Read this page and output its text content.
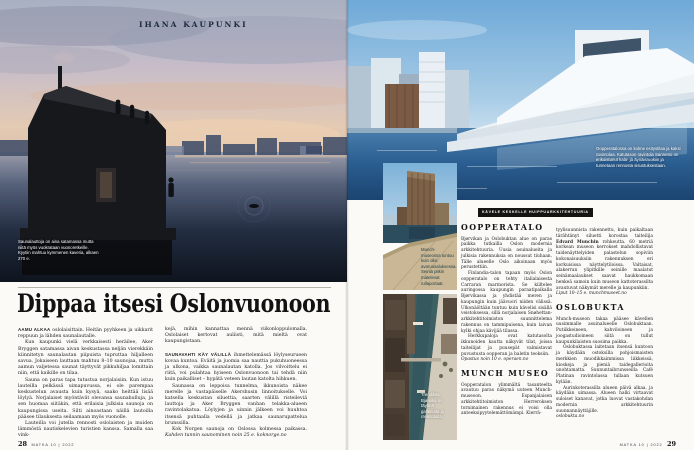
IHANA KAUPUNKI
Saunalauttoja on aina satamassa mutta niitä myös vuokrataan vuonoretkeille. Kyytiin mahtuu kymmenen kaveria, alkaen 270 e.
Dippaa itsesi Oslonvuonoon

AAMU ALKAA oslolaisittain. Heitän pyyhkeen ja uikkarit reppuun ja lähden saunalautalle.

Kun kaupunki vielä verkkaisesti heräilee, Aker Bryggen satamassa aivan keskustassa neljän vierekkäin kiinnitetyn saunalautan piipuista tupruttaa hiljalleen savua. Jokaiseen lauttaan mahtuu 8–10 saunojaa, mutta aamun valjetessa saunat täyttyvät pikkuhiljaa lomittain niin, että kaikille on tilaa.

Sauna on paras tapa tutustua norjalaisiin. Kun istuu lauteilla pelkässä uimapuvussa, ei ole parempaa keskustelun avausta kuin kysyä, saako heittää lisää löylyä. Norjalaiset myöntävät olevansa saunahulluja, ja sen huomaa siitäkin, että erilaisia julkisia saunoja on kaupungissa useita. Silti ainoastaan näillä lautoilla pääsee tilauksesta seilaamaan myös vuonolle.

Lauteilla voi jutella rennosti oslolaisten ja muiden lämmöstä nautiskelevien turistien kanssa. Samalla saa vink-

kejä, mihin kannattaa mennä viikonloppulomalla. Oslolaiset kertovat auliisti, mitä mieltä ovat kaupungistaan.

SAUNAVAHTI KÄY VÄLILLÄ ihmettelemässä löylyseurueen kovaa kuntoa. Eväitä ja juomia saa nauttia pukuhuoneessa ja ulkona, vaikka saunalautan katolla. Jos vilvoittelu ei riitä, voi pulahtaa hyiseen Oslonvuonoon tai tehdä niin kuin paikalliset – hypätä veteen lautan katolta hihkuen.

Saunassa on leppoisa tunnelma, ikkunoista näkee merelle ja vastapäiselle Akershusin linnoitukselle. Voi katsella keskustan siluettia, saarten välillä risteileviä lauttoja ja Aker Bryggen vanhan telakka-alueen ravintolakatua. Löylyjen ja uinnin jälkeen voi huuhtoa itsensä puhtaalla vedellä ja jatkaa saunarupattelua brunssilla.

Kok Norgen saunoja on Oslossa kolmessa paikassa. Kahden tunnin saunominen noin 25 e. koknorge.no

28 MATKA 10 | 2022
Oopperatalossa on kolme esitystilaa ja kaksi ravintolaa. Katutason ravintola Sanremo on erikoistunut kala- ja äyriäisruokiin ja tunnetaan rennosta sisustuksestaan.
Munch-museossa tuntuu kuin olisi avaruusaluksessa. Seiniä pitkin matelevat rullaportaat.
Trendikäs Bjørvika on täynnä gallerioita ja ravintoloita.
KÄVELE KESKELLE HUIPPUARKKITEHTUURIA
OOPPERATALO

Bjørvikan ja Oslobuktan alue on paras paikka tutkailla Oslon modernia arkkitehtuuria. Uusia asuinalueita ja julkisia rakennuksia on noussut tiuhaan. Tälle alueelle Oslo aikoinaan myös perustettiin.

Finlandia-talon tapaan myös Oslon oopperatalo on tehty italialaisesta Carraran marmorista. Se kiiltelee auringossa kaupungin paraatipaikalla Bjørvikassa ja yhdistää meren ja kaupungin kuin jäävuori niiden välissä. Ulkonäöltään tuntuu kuin kävelisi sisällä veistoksessa, sillä norjalaisen Snøhettan-arkkitehtitoimiston suunnittelema rakennus on tammipuisena, kuin laivan kylki ohjaa kävijää tilassa.

Herkkupaloja ovat katutasolta ikkunoiden kautta näkyvät tilat, joissa taiteilijat ja puusepät valmistavat puvustusta oopperan ja baletin teoksiin.

Opastus noin 10 e. operaen.no

MUNCH MUSEO

Oopperatalon ylimmältä tasanteelta avautuu paras näkymä uuteen Munch-museoon. Espanjalaisen arkkitehtitoimiston Herreroksen tornimainen rakennus ei voisi olla anteeksipyytelemättömämpi. Kierrä-

tyylisuunnista rakennettu, kuin paikaltaan tärähtänyt siluetti korostaa taiteilija Edvard Munchin rohkeutta. 60 metriä korkean museon kerrokset mahdollistavat taidenäyttelyiden palastelun sopiviin kokonaisuuksiin rakennuksen eri korkuisissa näyttelytiloissa. Valtaisat, alakerran ylipitkille seinille maalatut seinämaalaukset saavat haukkomaan henkeä samoin kuin museon kattoterassilta avautuvat näkymät merelle ja kaupunkiin.

Liput 10–15 e. munchmuseet.no

OSLOBUKTA

Munch-museon takaa pääsee kävellen uusimmalle asuinalueelle Oslobuktaan. Putiikkeineen, kahviloineen ja joogastudioineen siitä on tullut kaupunkilaisten suosima paikka.

Oslobuktassa laitetaan itsensä kuntoon ja käydään ostoksilla pohjoismaisten merkkien muodikkaimmissa liikkeissä, kioskeja ja pieniä taidegallerioita unohtamatta. Sunnuntaibrunsseilla Café Platinan ravintolassa tullaan kutsuen kylään.

Aurinkoterassilla alueen päivä alkaa, ja käydään uimassa. Alueen halki virtaavat suloiset kanavat, jotka luovat vastakohdan modernin arkkitehtuurin suunnannäyttäjille.

oslobukta.no

MATKA 10 | 2022 29
